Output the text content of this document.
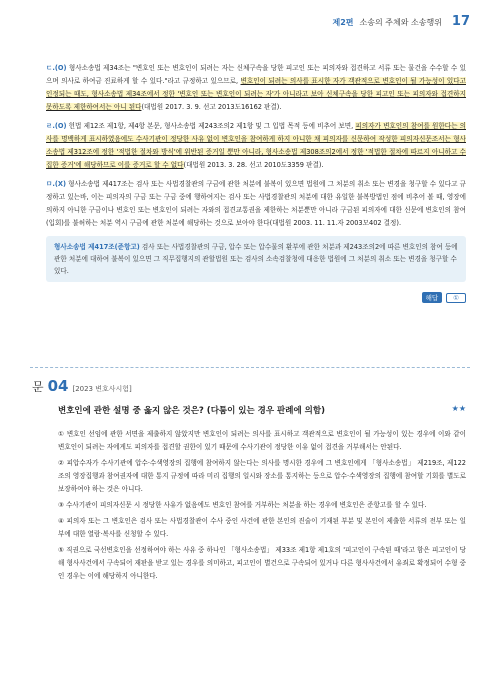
제2편 소송의 주체와 소송행위 17

ㄷ.(O) 형사소송법 제34조는 "변호인 또는 변호인이 되려는 자는 신체구속을 당한 피고인 또는 피의자와 접견하고 서류 또는 물건을 수수할 수 있으며 의사로 하여금 진료하게 할 수 있다."라고 규정하고 있으므로, 변호인이 되려는 의사를 표시한 자가 객관적으로 변호인이 될 가능성이 있다고 인정되는 때도, 형사소송법 제34조에서 정한 '변호인 또는 변호인이 되려는 자'가 아니라고 보아 신체구속을 당한 피고인 또는 피의자와 접견하지 못하도록 제한하여서는 아니 된다(대법원 2017. 3. 9. 선고 2013도16162 판결).

ㄹ.(O) 헌법 제12조 제1항, 제4항 본문, 형사소송법 제243조의2 제1항 및 그 입법 목적 등에 비추어 보면, 피의자가 변호인의 참여를 원한다는 의사를 명백하게 표시하였음에도 수사기관이 정당한 사유 없이 변호인을 참여하게 하지 아니한 채 피의자를 신문하여 작성한 피의자신문조서는 형사소송법 제312조에 정한 '적법한 절차와 방식'에 위반된 증거일 뿐만 아니라, 형사소송법 제308조의2에서 정한 '적법한 절차에 따르지 아니하고 수집한 증거'에 해당하므로 이를 증거로 할 수 없다(대법원 2013. 3. 28. 선고 2010도3359 판결).

ㅁ.(X) 형사소송법 제417조는 검사 또는 사법경찰관의 구금에 관한 처분에 불복이 있으면 법원에 그 처분의 취소 또는 변경을 청구할 수 있다고 규정하고 있는바, 이는 피의자의 구금 또는 구금 중에 행하여지는 검사 또는 사법경찰관의 처분에 대한 유일한 불복방법인 점에 비추어 볼 때, 영장에 의하지 아니한 구금이나 변호인 또는 변호인이 되려는 자와의 접견교통권을 제한하는 처분뿐만 아니라 구금된 피의자에 대한 신문에 변호인의 참여(입회)를 불허하는 처분 역시 구금에 관한 처분에 해당하는 것으로 보아야 한다(대법원 2003. 11. 11.자 2003모402 결정).

형사소송법 제417조(준항고) 검사 또는 사법경찰관의 구금, 압수 또는 압수물의 환부에 관한 처분과 제243조의2에 따른 변호인의 참여 등에 관한 처분에 대하여 불복이 있으면 그 직무집행지의 관할법원 또는 검사의 소속검찰청에 대응한 법원에 그 처분의 취소 또는 변경을 청구할 수 있다.
해답	①
문 04 [2023 변호사시험]
변호인에 관한 설명 중 옳지 않은 것은? (다툼이 있는 경우 판례에 의함)	★★

① 변호인 선임에 관한 서면을 제출하지 않았지만 변호인이 되려는 의사를 표시하고 객관적으로 변호인이 될 가능성이 있는 경우에 이와 같이 변호인이 되려는 자에게도 피의자를 접견할 권한이 있기 때문에 수사기관이 정당한 이유 없이 접견을 거부해서는 안된다.

② 피압수자가 수사기관에 압수·수색영장의 집행에 참여하지 않는다는 의사를 명시한 경우에 그 변호인에게 「형사소송법」 제219조, 제122조의 영장집행과 참여권자에 대한 통지 규정에 따라 미리 집행의 일시와 장소를 통지하는 등으로 압수·수색영장의 집행에 참여할 기회를 별도로 보장하여야 하는 것은 아니다.

③ 수사기관이 피의자신문 시 정당한 사유가 없음에도 변호인 참여를 거부하는 처분을 하는 경우에 변호인은 준항고를 할 수 있다.

④ 피의자 또는 그 변호인은 검사 또는 사법경찰관이 수사 중인 사건에 관한 본인의 진술이 기재된 부분 및 본인이 제출한 서류의 전부 또는 일부에 대한 열람·복사를 신청할 수 있다.

⑤ 직권으로 국선변호인을 선정하여야 하는 사유 중 하나인 「형사소송법」 제33조 제1항 제1호의 '피고인이 구속된 때'라고 함은 피고인이 당해 형사사건에서 구속되어 재판을 받고 있는 경우를 의미하고, 피고인이 별건으로 구속되어 있거나 다른 형사사건에서 유죄로 확정되어 수형 중인 경우는 이에 해당하지 아니한다.
